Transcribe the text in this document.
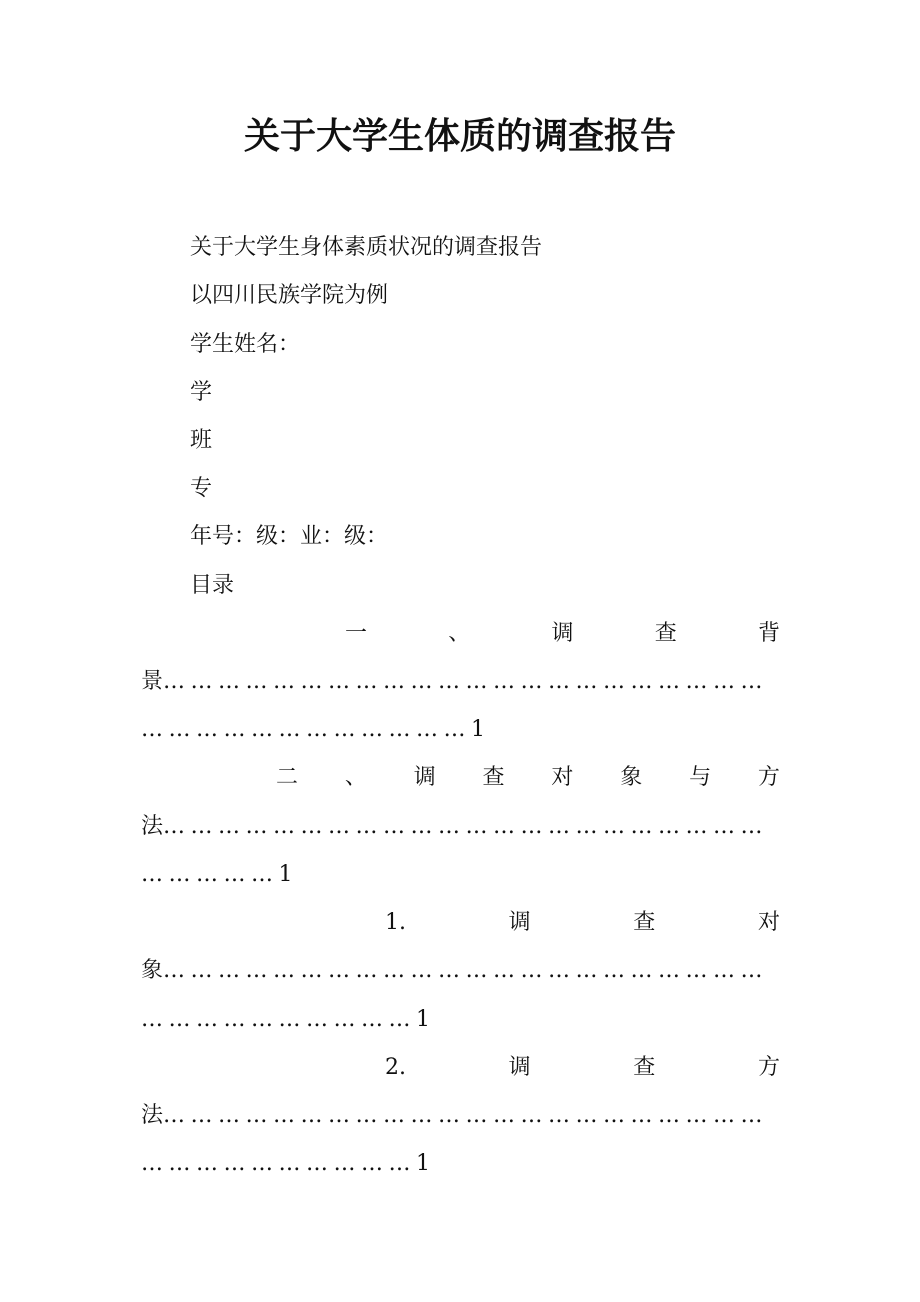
关于大学生体质的调查报告
关于大学生身体素质状况的调查报告
以四川民族学院为例
学生姓名：
学
班
专
年号：级：业：级：
目录
一	、	调	查	背
景…………………………………………………………
………………………………1
二 、 调 查 对 象 与 方
法…………………………………………………………
……………1
1.	调	查	对
象…………………………………………………………
…………………………1
2.	调	查	方
法…………………………………………………………
…………………………1
